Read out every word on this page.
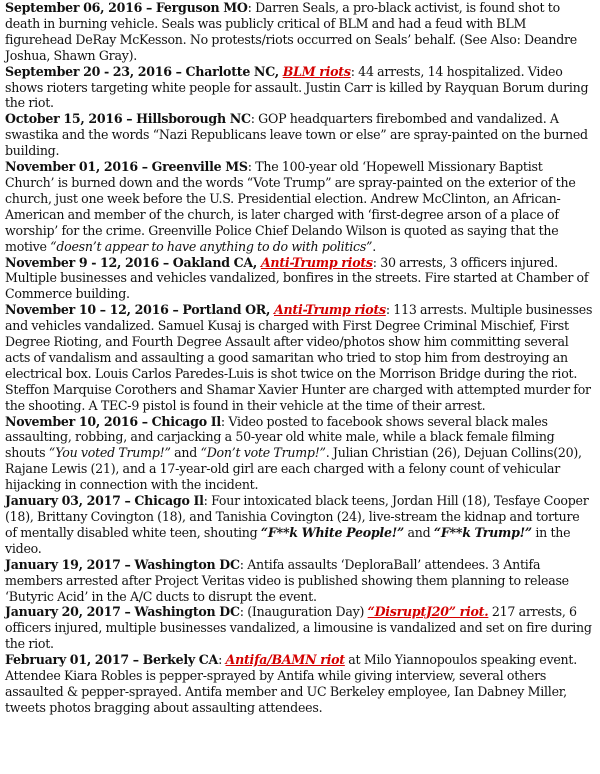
September 06, 2016 – Ferguson MO: Darren Seals, a pro-black activist, is found shot to death in burning vehicle. Seals was publicly critical of BLM and had a feud with BLM figurehead DeRay McKesson. No protests/riots occurred on Seals’ behalf. (See Also: Deandre Joshua, Shawn Gray).

September 20 - 23, 2016 – Charlotte NC, BLM riots: 44 arrests, 14 hospitalized. Video shows rioters targeting white people for assault. Justin Carr is killed by Rayquan Borum during the riot.

October 15, 2016 – Hillsborough NC: GOP headquarters firebombed and vandalized. A swastika and the words “Nazi Republicans leave town or else” are spray-painted on the burned building.

November 01, 2016 – Greenville MS: The 100-year old ‘Hopewell Missionary Baptist Church’ is burned down and the words “Vote Trump” are spray-painted on the exterior of the church, just one week before the U.S. Presidential election. Andrew McClinton, an African-American and member of the church, is later charged with ‘first-degree arson of a place of worship’ for the crime. Greenville Police Chief Delando Wilson is quoted as saying that the motive “doesn’t appear to have anything to do with politics”.

November 9 - 12, 2016 – Oakland CA, Anti-Trump riots: 30 arrests, 3 officers injured. Multiple businesses and vehicles vandalized, bonfires in the streets. Fire started at Chamber of Commerce building.

November 10 – 12, 2016 – Portland OR, Anti-Trump riots: 113 arrests. Multiple businesses and vehicles vandalized. Samuel Kusaj is charged with First Degree Criminal Mischief, First Degree Rioting, and Fourth Degree Assault after video/photos show him committing several acts of vandalism and assaulting a good samaritan who tried to stop him from destroying an electrical box. Louis Carlos Paredes-Luis is shot twice on the Morrison Bridge during the riot. Steffon Marquise Corothers and Shamar Xavier Hunter are charged with attempted murder for the shooting. A TEC-9 pistol is found in their vehicle at the time of their arrest.

November 10, 2016 – Chicago Il: Video posted to facebook shows several black males assaulting, robbing, and carjacking a 50-year old white male, while a black female filming shouts “You voted Trump!” and “Don’t vote Trump!”. Julian Christian (26), Dejuan Collins(20), Rajane Lewis (21), and a 17-year-old girl are each charged with a felony count of vehicular hijacking in connection with the incident.

January 03, 2017 – Chicago Il: Four intoxicated black teens, Jordan Hill (18), Tesfaye Cooper (18), Brittany Covington (18), and Tanishia Covington (24), live-stream the kidnap and torture of mentally disabled white teen, shouting “F**k White People!” and “F**k Trump!” in the video.

January 19, 2017 – Washington DC: Antifa assaults ‘DeploraBall’ attendees. 3 Antifa members arrested after Project Veritas video is published showing them planning to release ‘Butyric Acid’ in the A/C ducts to disrupt the event.

January 20, 2017 – Washington DC: (Inauguration Day) “DisruptJ20” riot. 217 arrests, 6 officers injured, multiple businesses vandalized, a limousine is vandalized and set on fire during the riot.

February 01, 2017 – Berkely CA: Antifa/BAMN riot at Milo Yiannopoulos speaking event. Attendee Kiara Robles is pepper-sprayed by Antifa while giving interview, several others assaulted & pepper-sprayed. Antifa member and UC Berkeley employee, Ian Dabney Miller, tweets photos bragging about assaulting attendees.
